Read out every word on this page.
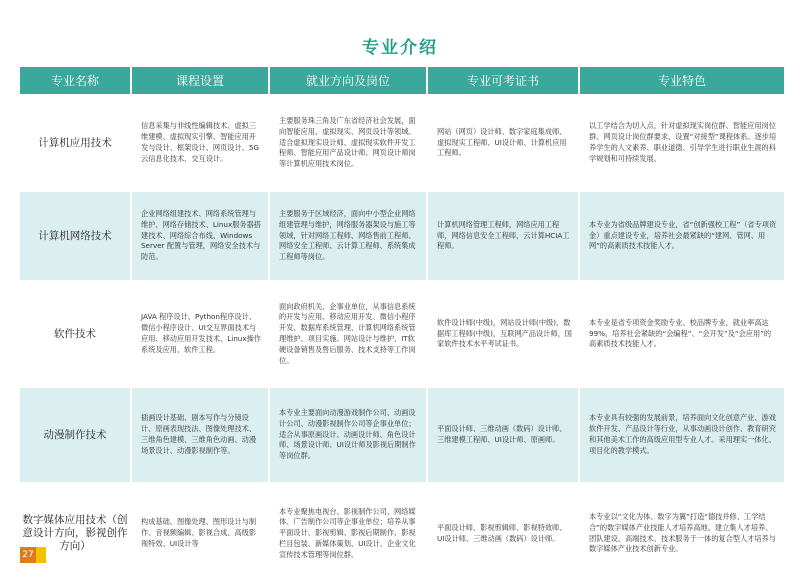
专业介绍
专业名称	课程设置	就业方向及岗位	专业可考证书	专业特色
计算机应用技术	信息采集与非线性编辑技术、虚拟三维建模、虚拟现实引擎、智能应用开发与设计、框架设计、网页设计、5G云信息化技术、交互设计。	主要服务珠三角及广东省经济社会发展，面向智能应用、虚拟现实、网页设计等领域。适合虚拟现实设计师、虚拟现实软件开发工程师、智能应用产品设计师、网页设计师岗等计算机应用技术岗位。	网站（网页）设计师、数字家庭集成师、虚拟现实工程师、UI设计师、计算机应用工程师。	以工学结合为切入点，针对虚拟现实岗位群、智能应用岗位群、网页设计岗位群要求，设置“对接型”课程体系。逐步培养学生的人文素养、职业道德、引导学生进行职业生涯的科学规划和可持续发展。
计算机网络技术	企业网络组建技术、网络系统管理与维护、网络存储技术、Linux服务器搭建技术、网络综合布线、Windows Server 配置与管理，网络安全技术与防范。	主要服务于区域经济，面向中小型企业网络组建管理与维护，网络服务器架设与施工等领域，针对网络工程师、网络售前工程师、网络安全工程师、云计算工程师、系统集成工程师等岗位。	计算机网络管理工程师，网络应用工程师，网络信息安全工程师，云计算HCIA工程师。	本专业为省级品牌建设专业，省“创新强校工程”（省专项资金）重点建设专业，培养社会最紧缺的“建网、管网、用网”的高素质技术技能人才。
软件技术	JAVA 程序设计、Python程序设计、微信小程序设计、UI交互界面技术与应用、移动应用开发技术、Linux操作系统及应用、软件工程。	面向政府机关、企事业单位，从事信息系统的开发与应用、移动应用开发、微信小程序开发、数据库系统管理、计算机网络系统管理维护、项目实施、网站设计与维护、IT软硬设备销售及售后服务、技术支持等工作岗位。	软件设计师(中级)，网站设计师(中级)，数据库工程师(中级)，互联网产品设计师，国家软件技术水平考试证书。	本专业是省专项资金奖励专业、校品牌专业，就业率高达99%，培养社会紧缺的“会编程”、“会开发”及“会应用”的高素质技术技能人才。
动漫制作技术	插画设计基础、剧本写作与分镜设计、原画表现技法、图像处理技术、三维角色建模、三维角色动画、动漫场景设计、动漫影视制作等。	本专业主要面向动漫游戏制作公司、动画设计公司、动漫影视制作公司等企事业单位；适合从事原画设计、动画设计师、角色设计师、场景设计师、UI设计师及影视后期制作等岗位群。	平面设计师、三维动画（数码）设计师、三维建模工程师、UI设计师、原画师。	本专业具有较强的发展前景，培养面向文化创意产业、游戏软件开发、产品设计等行业，从事动画设计创作、教育研究和其他美术工作的高级应用型专业人才。采用理实一体化、项目化的教学模式。
数字媒体应用技术（创意设计方向，影视创作方向）	构成基础、图像处理、图形设计与制作、音视频编辑、影视合成、高级影视特效、UI设计等	本专业聚焦电视台、影视制作公司、网络媒体、广告制作公司等企事业单位；培养从事平面设计、影视剪辑、影视后期制作、影视栏目包装、新媒体策划、UI设计、企业文化宣传技术管理等岗位群。	平面设计师、影视剪辑师、影视特效师、UI设计师、三维动画（数码）设计师。	本专业以“文化为体、数字为翼”打造“德技并修、工学结合”的数字媒体产业技能人才培养高地。建立集人才培养、团队建设、高端技术、技术服务于一体的复合型人才培养与数字媒体产业技术创新专业。
27
